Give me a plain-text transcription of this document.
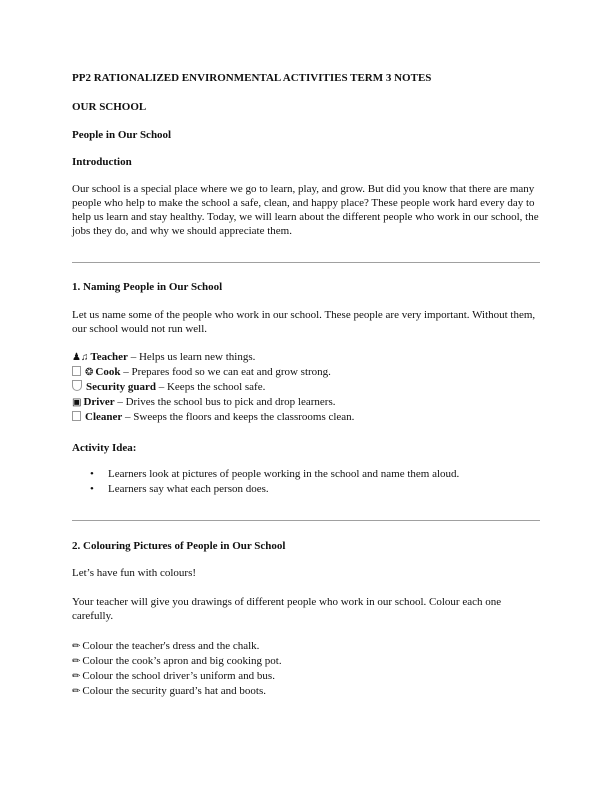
PP2 RATIONALIZED ENVIRONMENTAL ACTIVITIES TERM 3 NOTES
OUR SCHOOL
People in Our School
Introduction
Our school is a special place where we go to learn, play, and grow. But did you know that there are many people who help to make the school a safe, clean, and happy place? These people work hard every day to help us learn and stay healthy. Today, we will learn about the different people who work in our school, the jobs they do, and why we should appreciate them.
1. Naming People in Our School
Let us name some of the people who work in our school. These people are very important. Without them, our school would not run well.
♟♫ Teacher – Helps us learn new things.
❂ Cook – Prepares food so we can eat and grow strong.
Security guard – Keeps the school safe.
▣ Driver – Drives the school bus to pick and drop learners.
Cleaner – Sweeps the floors and keeps the classrooms clean.
Activity Idea:
• Learners look at pictures of people working in the school and name them aloud.
• Learners say what each person does.
2. Colouring Pictures of People in Our School
Let’s have fun with colours!
Your teacher will give you drawings of different people who work in our school. Colour each one carefully.
✏ Colour the teacher's dress and the chalk.
✏ Colour the cook’s apron and big cooking pot.
✏ Colour the school driver’s uniform and bus.
✏ Colour the security guard’s hat and boots.
